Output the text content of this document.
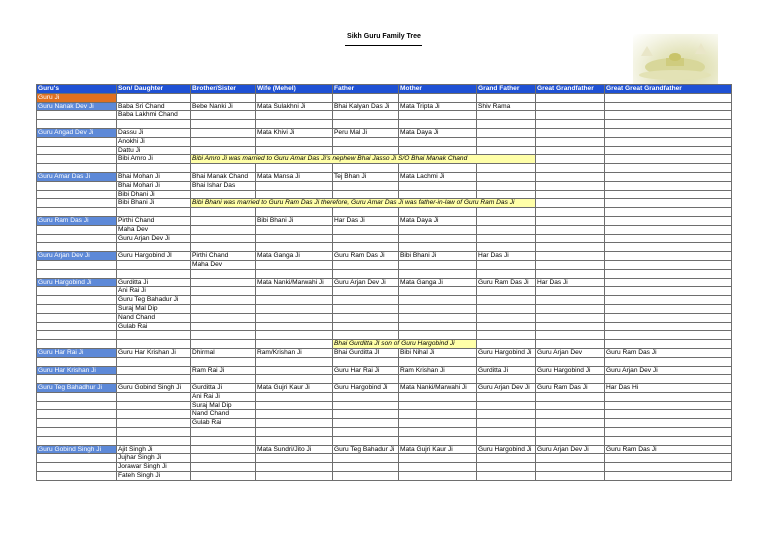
Sikh Guru Family Tree
Guru's	Son/ Daughter	Brother/Sister	Wife (Mehel)	Father	Mother	Grand Father	Great Grandfather	Great Great Grandfather
Guru Ji								
Guru Nanak Dev Ji	Baba Sri Chand	Bebe Nanki Ji	Mata Sulakhni Ji	Bhai Kalyan Das Ji	Mata Tripta Ji	Shiv Rama		
	Baba Lakhmi Chand							

Guru Angad Dev Ji	Dassu Ji		Mata Khivi Ji	Peru Mal Ji	Mata Daya Ji			
	Anokhi Ji							
	Dattu Ji							
	Bibi Amro Ji	Bibi Amro Ji was married to Guru Amar Das Ji's nephew Bhai Jasso Ji S/O Bhai Manak Chand						

Guru Amar Das Ji	Bhai Mohan Ji	Bhai Manak Chand	Mata Mansa Ji	Tej Bhan Ji	Mata Lachmi Ji			
	Bhai Mohari Ji	Bhai Ishar Das						
	Bibi Dhani Ji							
	Bibi Bhani Ji	Bibi Bhani was married to Guru Ram Das Ji therefore, Guru Amar Das Ji was father-in-law of Guru Ram Das Ji						

Guru Ram Das Ji	Pirthi Chand		Bibi Bhani Ji	Har Das Ji	Mata Daya Ji			
	Maha Dev							
	Guru Arjan Dev Ji							

Guru Arjan Dev Ji	Guru Hargobind JI	Pirthi Chand	Mata Ganga Ji	Guru Ram Das Ji	Bibi Bhani Ji	Har Das Ji		
		Maha Dev						

Guru Hargobind Ji	Gurditta Ji		Mata Nanki/Marwahi Ji	Guru Arjan Dev Ji	Mata Ganga Ji	Guru Ram Das Ji	Har Das Ji	
	Ani Rai Ji							
	Guru Teg Bahadur Ji							
	Suraj Mal Dip							
	Nand Chand							
	Gulab Rai							

				Bhai Gurditta JI son of Guru Hargobind Ji				
Guru Har Rai Ji	Guru Har Krishan Ji	Dhirmal	Ram/Krishan Ji	Bhai Gurditta JI	Bibi Nihal Ji	Guru Hargobind Ji	Guru Arjan Dev	Guru Ram Das Ji

Guru Har Krishan Ji		Ram Rai Ji		Guru Har Rai Ji	Ram Krishan Ji	Gurditta Ji	Guru Hargobind Ji	Guru Arjan Dev Ji

Guru Teg Bahadhur Ji	Guru Gobind Singh Ji	Gurditta Ji	Mata Gujri Kaur Ji	Guru Hargobind Ji	Mata Nanki/Marwahi Ji	Guru Arjan Dev Ji	Guru Ram Das Ji	Har Das Hi
		Ani Rai Ji						
		Suraj Mal Dip						
		Nand Chand						
		Gulab Rai						

Guru Gobind Singh Ji	Ajit Singh Ji		Mata Sundri/Jito Ji	Guru Teg Bahadur Ji	Mata Gujri Kaur Ji	Guru Hargobind Ji	Guru Arjan Dev Ji	Guru Ram Das Ji
	Jujhar Singh Ji							
	Jorawar Singh Ji							
	Fateh Singh Ji							
